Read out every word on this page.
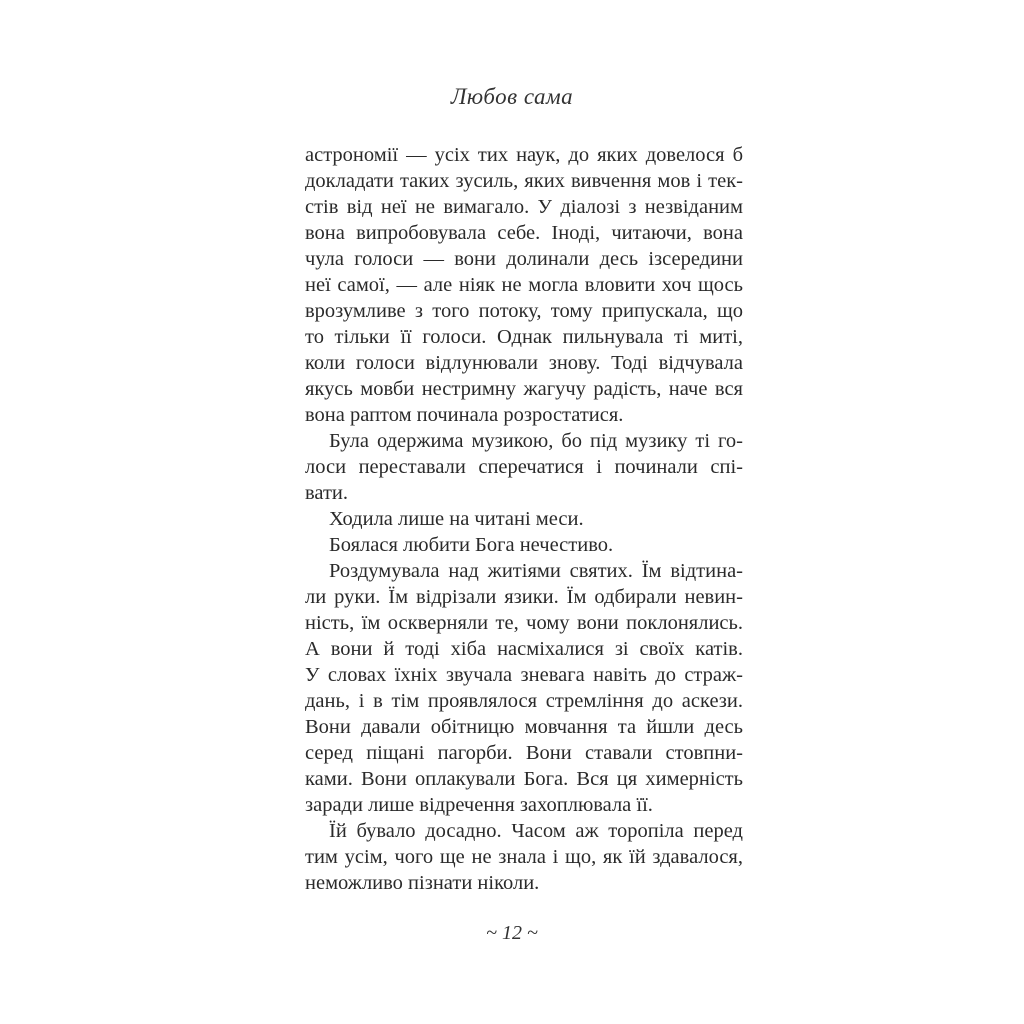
Любов сама
астрономії — усіх тих наук, до яких довелося б
докладати таких зусиль, яких вивчення мов і тек-
стів від неї не вимагало. У діалозі з незвіданим
вона випробовувала себе. Іноді, читаючи, вона
чула голоси — вони долинали десь ізсередини
неї самої, — але ніяк не могла вловити хоч щось
врозумливе з того потоку, тому припускала, що
то тільки її голоси. Однак пильнувала ті миті,
коли голоси відлунювали знову. Тоді відчувала
якусь мовби нестримну жагучу радість, наче вся
вона раптом починала розростатися.
Була одержима музикою, бо під музику ті го-
лоси переставали сперечатися і починали спі-
вати.
Ходила лише на читані меси.
Боялася любити Бога нечестиво.
Роздумувала над житіями святих. Їм відтина-
ли руки. Їм відрізали язики. Їм одбирали невин-
ність, їм оскверняли те, чому вони поклонялись.
А вони й тоді хіба насміхалися зі своїх катів.
У словах їхніх звучала зневага навіть до страж-
дань, і в тім проявлялося стремління до аскези.
Вони давали обітницю мовчання та йшли десь
серед піщані пагорби. Вони ставали стовпни-
ками. Вони оплакували Бога. Вся ця химерність
заради лише відречення захоплювала її.
Їй бувало досадно. Часом аж торопіла перед
тим усім, чого ще не знала і що, як їй здавалося,
неможливо пізнати ніколи.
~ 12 ~
